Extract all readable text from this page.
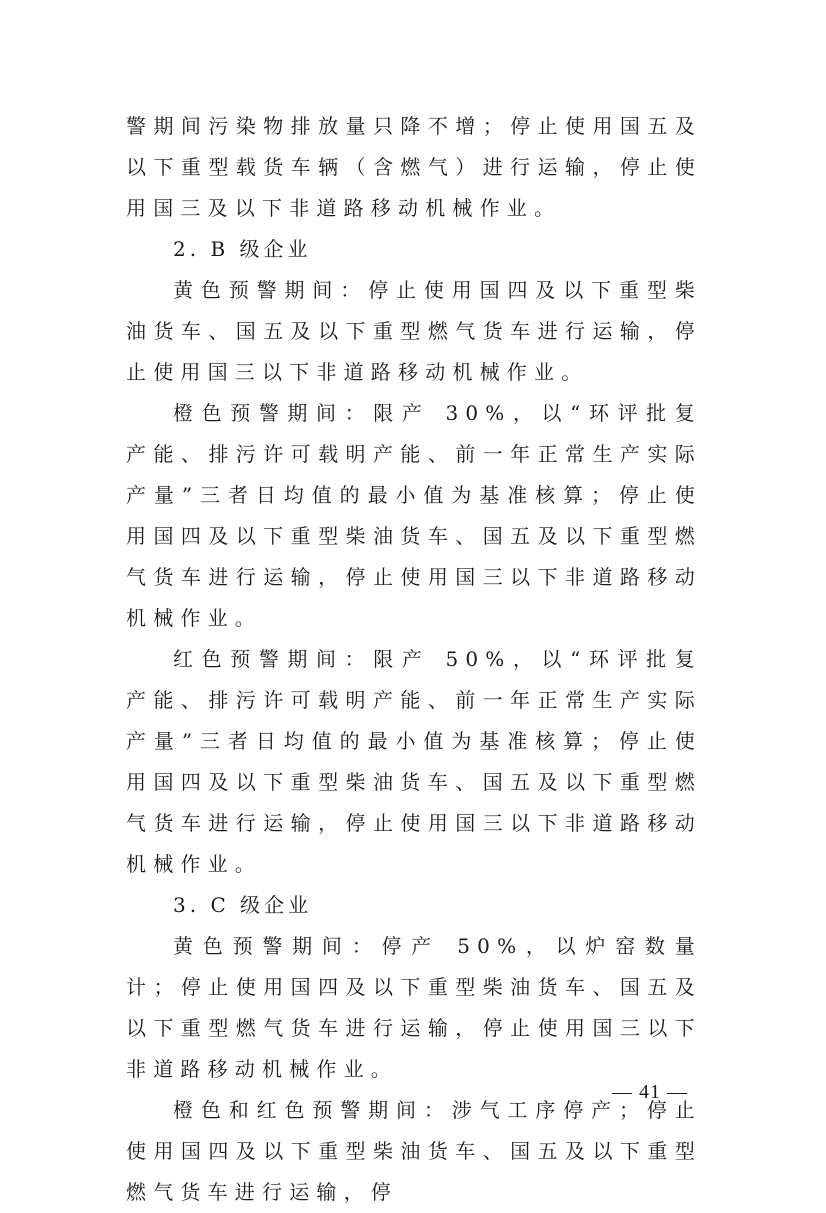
警期间污染物排放量只降不增；停止使用国五及以下重型载货车辆（含燃气）进行运输，停止使用国三及以下非道路移动机械作业。

2. B 级企业

黄色预警期间：停止使用国四及以下重型柴油货车、国五及以下重型燃气货车进行运输，停止使用国三以下非道路移动机械作业。

橙色预警期间：限产 30%，以“环评批复产能、排污许可载明产能、前一年正常生产实际产量”三者日均值的最小值为基准核算；停止使用国四及以下重型柴油货车、国五及以下重型燃气货车进行运输，停止使用国三以下非道路移动机械作业。

红色预警期间：限产 50%，以“环评批复产能、排污许可载明产能、前一年正常生产实际产量”三者日均值的最小值为基准核算；停止使用国四及以下重型柴油货车、国五及以下重型燃气货车进行运输，停止使用国三以下非道路移动机械作业。

3. C 级企业

黄色预警期间：停产 50%，以炉窑数量计；停止使用国四及以下重型柴油货车、国五及以下重型燃气货车进行运输，停止使用国三以下非道路移动机械作业。

橙色和红色预警期间：涉气工序停产；停止使用国四及以下重型柴油货车、国五及以下重型燃气货车进行运输，停

— 41 —
